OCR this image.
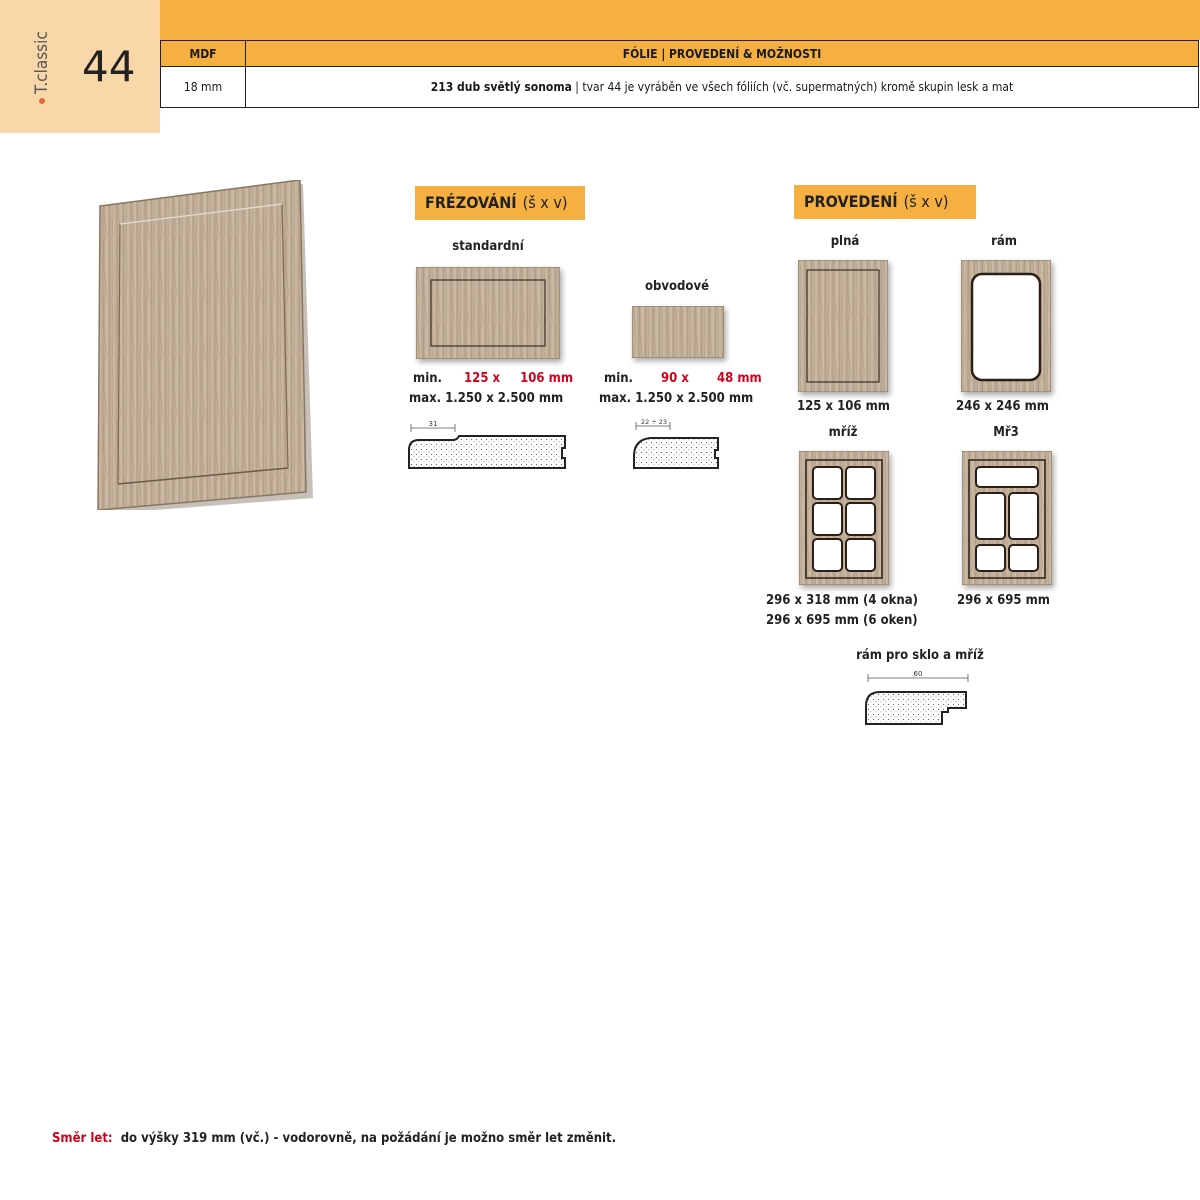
T.classic 44	MDF	FÓLIE | PROVEDENÍ & MOŽNOSTI
18 mm	213 dub světlý sonoma | tvar 44 je vyráběn ve všech fóliích (vč. supermatných) kromě skupin lesk a mat
FRÉZOVÁNÍ (š x v)
standardní
min. 125 x 106 mm
max. 1.250 x 2.500 mm
31
obvodové
min. 90 x 48 mm
max. 1.250 x 2.500 mm
22 ÷ 23
PROVEDENÍ (š x v)
plná
125 x 106 mm
rám
246 x 246 mm
mříž
296 x 318 mm (4 okna)
296 x 695 mm (6 oken)
Mř3
296 x 695 mm
rám pro sklo a mříž
60
Směr let: do výšky 319 mm (vč.) - vodorovně, na požádání je možno směr let změnit.
